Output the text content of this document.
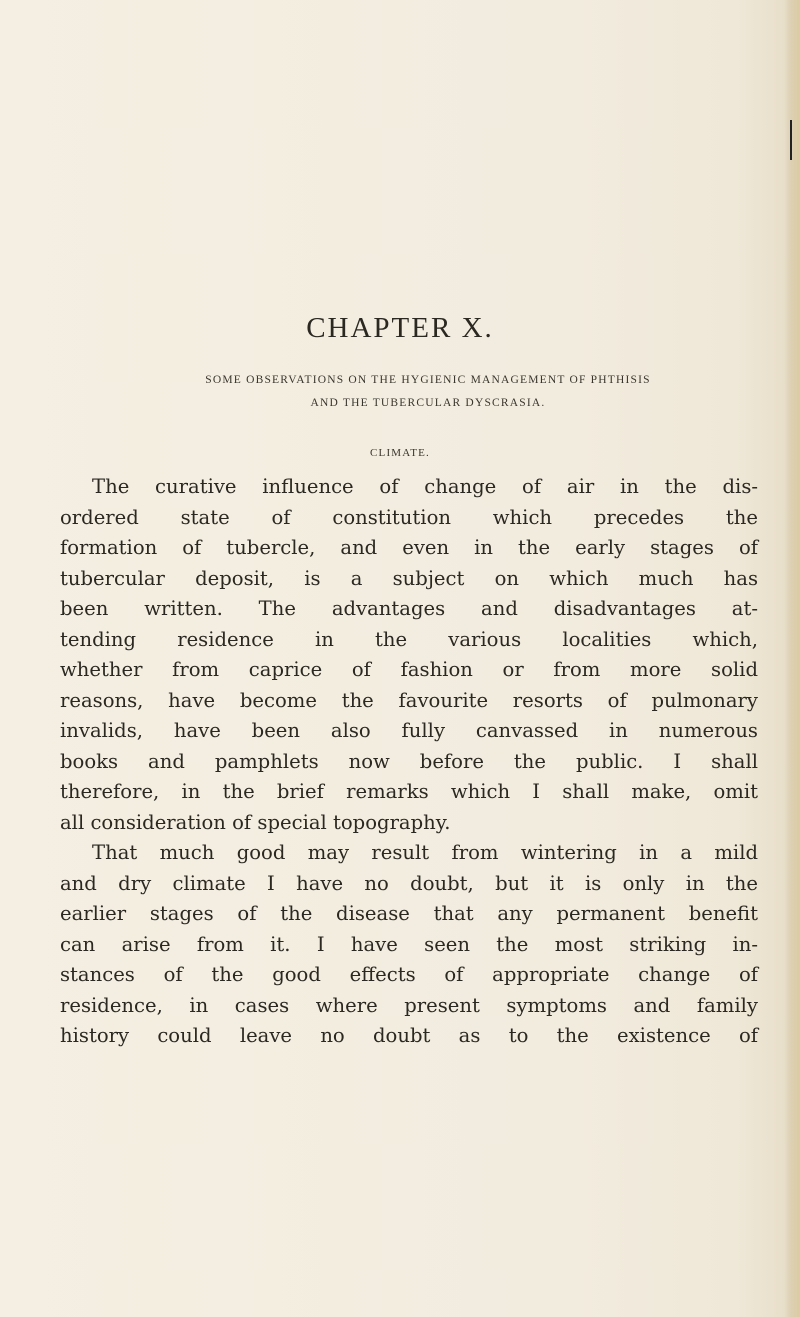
CHAPTER X.
SOME OBSERVATIONS ON THE HYGIENIC MANAGEMENT OF PHTHISIS
AND THE TUBERCULAR DYSCRASIA.
CLIMATE.
The curative influence of change of air in the dis-
ordered state of constitution which precedes the
formation of tubercle, and even in the early stages of
tubercular deposit, is a subject on which much has
been written. The advantages and disadvantages at-
tending residence in the various localities which,
whether from caprice of fashion or from more solid
reasons, have become the favourite resorts of pulmonary
invalids, have been also fully canvassed in numerous
books and pamphlets now before the public. I shall
therefore, in the brief remarks which I shall make, omit
all consideration of special topography.
That much good may result from wintering in a mild
and dry climate I have no doubt, but it is only in the
earlier stages of the disease that any permanent benefit
can arise from it. I have seen the most striking in-
stances of the good effects of appropriate change of
residence, in cases where present symptoms and family
history could leave no doubt as to the existence of
